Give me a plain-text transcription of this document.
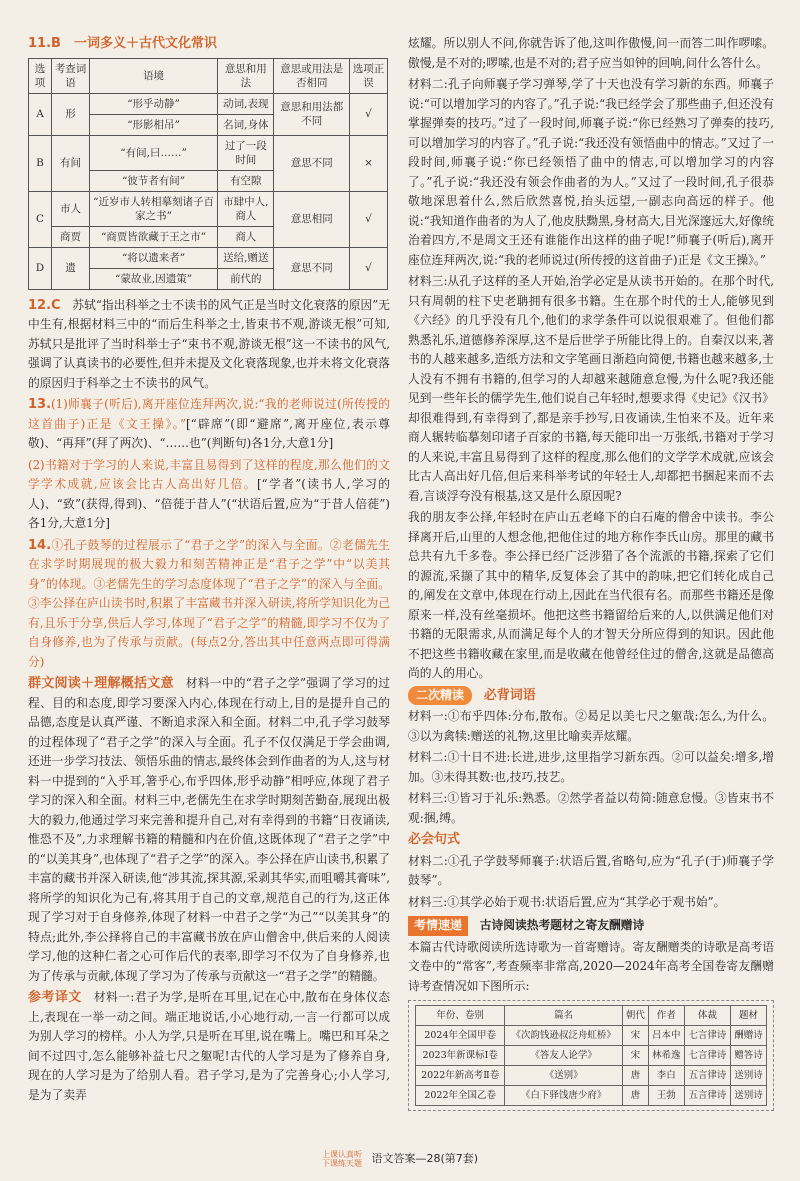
11.B　一词多义＋古代文化常识
选项	考查词语	语境	意思和用法	意思或用法是否相同	选项正误
A	形	“形乎动静”	动词,表现	意思和用法都不同	√
		“形影相吊”	名词,身体		
B	有间	“有间,曰……”	过了一段时间	意思不同	×
		“彼节者有间”	有空隙		
C	市人	“近岁市人转相摹刻诸子百家之书”	市肆中人,商人	意思相同	√
	商贾	“商贾皆欲藏于王之市”	商人		
D	遗	“将以遗来者”	送给,赠送	意思不同	√
		“蒙故业,因遗策”	前代的		
12.C　 苏轼“指出科举之士不读书的风气正是当时文化衰落的原因”无中生有,根据材料三中的“而后生科举之士,皆束书不观,游谈无根”可知,苏轼只是批评了当时科举士子“束书不观,游谈无根”这一不读书的风气,强调了认真读书的必要性,但并未提及文化衰落现象,也并未将文化衰落的原因归于科举之士不读书的风气。
13.(1)师襄子(听后),离开座位连拜两次,说:“我的老师说过(所传授的这首曲子)正是《文王操》。”[“辟席”(即“避席”,离开座位,表示尊敬)、“再拜”(拜了两次)、“……也”(判断句)各1分,大意1分]
(2)书籍对于学习的人来说,丰富且易得到了这样的程度,那么他们的文学学术成就,应该会比古人高出好几倍。[“学者”(读书人,学习的人)、“致”(获得,得到)、“倍蓰于昔人”(“状语后置,应为“于昔人倍蓰”)各1分,大意1分]
14.①孔子鼓琴的过程展示了“君子之学”的深入与全面。②老儒先生在求学时期展现的极大毅力和刻苦精神正是“君子之学”中“以美其身”的体现。③老儒先生的学习态度体现了“君子之学”的深入与全面。③李公择在庐山读书时,积累了丰富藏书并深入研读,将所学知识化为己有,且乐于分享,供后人学习,体现了“君子之学”的精髓,即学习不仅为了自身修养,也为了传承与贡献。(每点2分,答出其中任意两点即可得满分)
群文阅读＋理解概括文意　 材料一中的“君子之学”强调了学习的过程、目的和态度,即学习要深入内心,体现在行动上,目的是提升自己的品德,态度是认真严谨、不断追求深入和全面。材料二中,孔子学习鼓琴的过程体现了“君子之学”的深入与全面。孔子不仅仅满足于学会曲调,还进一步学习技法、领悟乐曲的情志,最终体会到作曲者的为人,这与材料一中提到的“入乎耳,箸乎心,布乎四体,形乎动静”相呼应,体现了君子学习的深入和全面。材料三中,老儒先生在求学时期刻苦勤奋,展现出极大的毅力,他通过学习来完善和提升自己,对有幸得到的书籍“日夜诵读,惟恐不及”,力求理解书籍的精髓和内在价值,这既体现了“君子之学”中的“以美其身”,也体现了“君子之学”的深入。李公择在庐山读书,积累了丰富的藏书并深入研读,他“涉其流,探其源,采剥其华实,而咀嚼其膏味”,将所学的知识化为己有,将其用于自己的文章,规范自己的行为,这正体现了学习对于自身修养,体现了材料一中君子之学“为己”“以美其身”的特点;此外,李公择将自己的丰富藏书放在庐山僧舍中,供后来的人阅读学习,他的这种仁者之心可作后代的表率,即学习不仅为了自身修养,也为了传承与贡献,体现了学习为了传承与贡献这一“君子之学”的精髓。
参考译文　 材料一:君子为学,是听在耳里,记在心中,散布在身体仪态上,表现在一举一动之间。端正地说话,小心地行动,一言一行都可以成为别人学习的榜样。小人为学,只是听在耳里,说在嘴上。嘴巴和耳朵之间不过四寸,怎么能够补益七尺之躯呢!古代的人学习是为了修养自身,现在的人学习是为了给别人看。君子学习,是为了完善身心;小人学习,是为了卖弄
炫耀。所以别人不问,你就告诉了他,这叫作傲慢,问一而答二叫作啰嗦。傲慢,是不对的;啰嗦,也是不对的;君子应当如钟的回响,问什么答什么。
材料二:孔子向师襄子学习弹琴,学了十天也没有学习新的东西。师襄子说:“可以增加学习的内容了。”孔子说:“我已经学会了那些曲子,但还没有掌握弹奏的技巧。”过了一段时间,师襄子说:“你已经熟习了弹奏的技巧,可以增加学习的内容了。”孔子说:“我还没有领悟曲中的情志。”又过了一段时间,师襄子说:“你已经领悟了曲中的情志,可以增加学习的内容了。”孔子说:“我还没有领会作曲者的为人。”又过了一段时间,孔子很恭敬地深思着什么,然后欣然喜悦,抬头远望,一副志向高远的样子。他说:“我知道作曲者的为人了,他皮肤黝黑,身材高大,目光深邃远大,好像统治着四方,不是周文王还有谁能作出这样的曲子呢!”师襄子(听后),离开座位连拜两次,说:“我的老师说过(所传授的这首曲子)正是《文王操》。”
材料三:从孔子这样的圣人开始,治学必定是从读书开始的。在那个时代,只有周朝的柱下史老聃拥有很多书籍。生在那个时代的士人,能够见到《六经》的几乎没有几个,他们的求学条件可以说很艰难了。但他们都熟悉礼乐,道德修养深厚,这不是后世学子所能比得上的。自秦汉以来,著书的人越来越多,造纸方法和文字笔画日渐趋向简便,书籍也越来越多,士人没有不拥有书籍的,但学习的人却越来越随意怠慢,为什么呢?我还能见到一些年长的儒学先生,他们说自己年轻时,想要求得《史记》《汉书》却很难得到,有幸得到了,都是亲手抄写,日夜诵读,生怕来不及。近年来商人辗转临摹刻印诸子百家的书籍,每天能印出一万张纸,书籍对于学习的人来说,丰富且易得到了这样的程度,那么他们的文学学术成就,应该会比古人高出好几倍,但后来科举考试的年轻士人,却都把书捆起来而不去看,言谈浮夸没有根基,这又是什么原因呢?
我的朋友李公择,年轻时在庐山五老峰下的白石庵的僧舍中读书。李公择离开后,山里的人想念他,把他住过的地方称作李氏山房。那里的藏书总共有九千多卷。李公择已经广泛涉猎了各个流派的书籍,探索了它们的源流,采撷了其中的精华,反复体会了其中的韵味,把它们转化成自己的,阐发在文章中,体现在行动上,因此在当代很有名。而那些书籍还是像原来一样,没有丝毫损坏。他把这些书籍留给后来的人,以供满足他们对书籍的无限需求,从而满足每个人的才智天分所应得到的知识。因此他不把这些书籍收藏在家里,而是收藏在他曾经住过的僧舍,这就是品德高尚的人的用心。
二次精读　 必背词语
材料一:①布乎四体:分布,散布。②曷足以美七尺之躯哉:怎么,为什么。③以为禽犊:赠送的礼物,这里比喻卖弄炫耀。
材料二:①十日不进:长进,进步,这里指学习新东西。②可以益矣:增多,增加。③未得其数:也,技巧,技艺。
材料三:①皆习于礼乐:熟悉。②然学者益以苟简:随意怠慢。③皆束书不观:捆,缚。
必会句式
材料二:①孔子学鼓琴师襄子:状语后置,省略句,应为“孔子(于)师襄子学鼓琴”。
材料三:①其学必始于观书:状语后置,应为“其学必于观书始”。
考情速递　 古诗阅读热考题材之寄友酬赠诗
本篇古代诗歌阅读所选诗歌为一首寄赠诗。寄友酬赠类的诗歌是高考语文卷中的“常客”,考查频率非常高,2020—2024年高考全国卷寄友酬赠诗考查情况如下图所示:
年份、卷别	篇名	朝代	作者	体裁	题材
2024年全国甲卷	《次韵钱逊叔泛舟虹桥》	宋	吕本中	七言律诗	酬赠诗
2023年新课标Ⅰ卷	《答友人论学》	宋	林希逸	七言律诗	赠答诗
2022年新高考Ⅱ卷	《送别》	唐	李白	五言律诗	送别诗
2022年全国乙卷	《白下驿饯唐少府》	唐	王勃	五言律诗	送别诗
上课认真听
下课练天题 语文答案—28(第7套)
